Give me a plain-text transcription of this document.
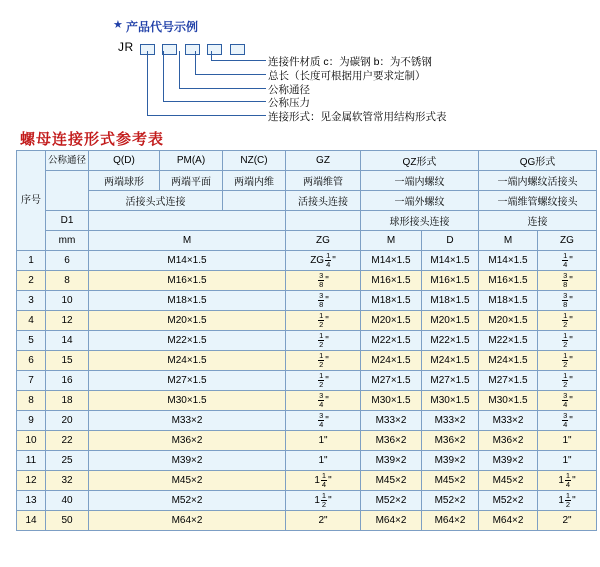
★ 产品代号示例
JR

连接件材质 c：为碳钢 b：为不锈钢
总长（长度可根据用户要求定制）
公称通径
公称压力
连接形式：见金属软管常用结构形式表
螺母连接形式参考表
序号	公称通径	Q(D)	PM(A)	NZ(C)	GZ	QZ形式		QG形式	
		两端球形	两端平面	两端内维	两端维管	一端内螺纹		一端内螺纹活接头	
		活接头式连接			活接头连接	一端外螺纹		一端维管螺纹接头	
	D1					球形接头连接		连接	
	mm	M			ZG	M	D	M	ZG
1	6	M14×1.5			ZG $\frac{1}{4}$ "	M14×1.5	M14×1.5	M14×1.5	$\frac{1}{4}$ "
2	8	M16×1.5			$\frac{3}{8}$ "	M16×1.5	M16×1.5	M16×1.5	$\frac{3}{8}$ "
3	10	M18×1.5			$\frac{3}{8}$ "	M18×1.5	M18×1.5	M18×1.5	$\frac{3}{8}$ "
4	12	M20×1.5			$\frac{1}{2}$ "	M20×1.5	M20×1.5	M20×1.5	$\frac{1}{2}$ "
5	14	M22×1.5			$\frac{1}{2}$ "	M22×1.5	M22×1.5	M22×1.5	$\frac{1}{2}$ "
6	15	M24×1.5			$\frac{1}{2}$ "	M24×1.5	M24×1.5	M24×1.5	$\frac{1}{2}$ "
7	16	M27×1.5			$\frac{1}{2}$ "	M27×1.5	M27×1.5	M27×1.5	$\frac{1}{2}$ "
8	18	M30×1.5			$\frac{3}{4}$ "	M30×1.5	M30×1.5	M30×1.5	$\frac{3}{4}$ "
9	20	M33×2			$\frac{3}{4}$ "	M33×2	M33×2	M33×2	$\frac{3}{4}$ "
10	22	M36×2			1"	M36×2	M36×2	M36×2	1"
11	25	M39×2			1"	M39×2	M39×2	M39×2	1"
12	32	M45×2			$1 \frac{1}{4}$ "	M45×2	M45×2	M45×2	$1 \frac{1}{4}$ "
13	40	M52×2			$1 \frac{1}{2}$ "	M52×2	M52×2	M52×2	$1 \frac{1}{2}$ "
14	50	M64×2			2"	M64×2	M64×2	M64×2	2"
